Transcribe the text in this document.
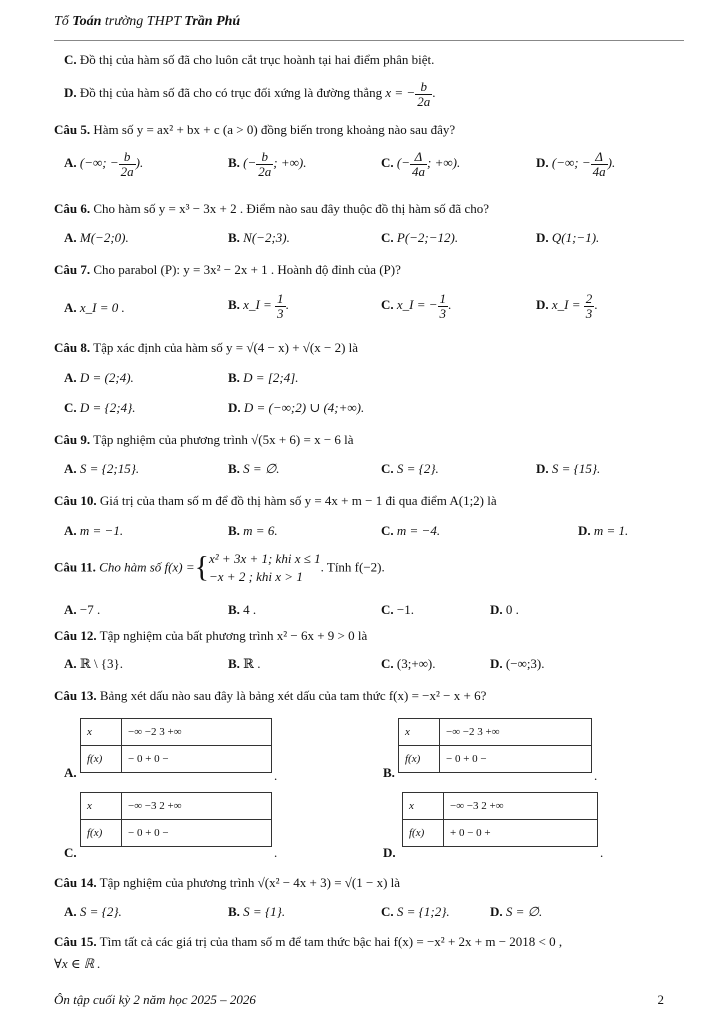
Tổ Toán trường THPT Trần Phú
C. Đồ thị của hàm số đã cho luôn cắt trục hoành tại hai điểm phân biệt.
D. Đồ thị của hàm số đã cho có trục đối xứng là đường thẳng x = − $\frac{b}{2a}$ .
Câu 5. Hàm số y = ax² + bx + c (a > 0) đồng biến trong khoảng nào sau đây?
A. (−∞; − $\frac{b}{2a}$ ).	B. (− $\frac{b}{2a}$ ; +∞).	C. (− $\frac{\Delta}{4a}$ ; +∞).	D. (−∞; − $\frac{\Delta}{4a}$ ).
Câu 6. Cho hàm số y = x³ − 3x + 2 . Điểm nào sau đây thuộc đồ thị hàm số đã cho?
A. M(−2;0).	B. N(−2;3).	C. P(−2;−12).	D. Q(1;−1).
Câu 7. Cho parabol (P): y = 3x² − 2x + 1 . Hoành độ đỉnh của (P)?
A. x_I = 0 .	B. x_I = $\frac{1}{3}$ .	C. x_I = − $\frac{1}{3}$ .	D. x_I = $\frac{2}{3}$ .
Câu 8. Tập xác định của hàm số y = √(4 − x) + √(x − 2) là
A. D = (2;4).	B. D = [2;4].
C. D = {2;4}.	D. D = (−∞;2) ∪ (4;+∞).
Câu 9. Tập nghiệm của phương trình √(5x + 6) = x − 6 là
A. S = {2;15}.	B. S = ∅.	C. S = {2}.	D. S = {15}.
Câu 10. Giá trị của tham số m để đồ thị hàm số y = 4x + m − 1 đi qua điểm A(1;2) là
A. m = −1.	B. m = 6.	C. m = −4.	D. m = 1.
Câu 11. Cho hàm số f(x) ={ x² + 3x + 1; khi x ≤ 1
−x + 2 ; khi x > 1
. Tính f(−2).
A. −7 .	B. 4 .	C. −1.	D. 0 .
Câu 12. Tập nghiệm của bất phương trình x² − 6x + 9 > 0 là
A. ℝ \ {3}.	B. ℝ .	C. (3;+∞).	D. (−∞;3).
Câu 13. Bảng xét dấu nào sau đây là bảng xét dấu của tam thức f(x) = −x² − x + 6?
A.
x	−∞ −2 3 +∞
f(x)	− 0 + 0 −
.	B.
x	−∞ −2 3 +∞
f(x)	− 0 + 0 −
.
C.
x	−∞ −3 2 +∞
f(x)	− 0 + 0 −
.	D.
x	−∞ −3 2 +∞
f(x)	+ 0 − 0 +
.
Câu 14. Tập nghiệm của phương trình √(x² − 4x + 3) = √(1 − x) là
A. S = {2}.	B. S = {1}.	C. S = {1;2}.	D. S = ∅.
Câu 15. Tìm tất cả các giá trị của tham số m để tam thức bậc hai f(x) = −x² + 2x + m − 2018 < 0 ,
∀x ∈ ℝ .
Ôn tập cuối kỳ 2 năm học 2025 – 2026	2
